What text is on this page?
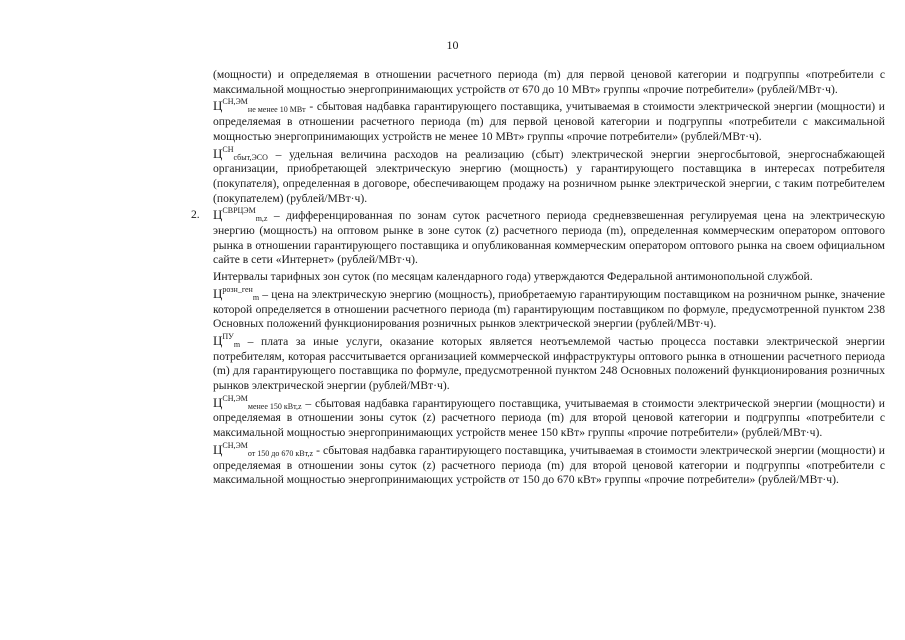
10

(мощности) и определяемая в отношении расчетного периода (m) для первой ценовой категории и подгруппы «потребители с максимальной мощностью энергопринимающих устройств от 670 до 10 МВт» группы «прочие потребители» (рублей/МВт·ч).

$Ц^{СН,ЭМ}_{не менее 10 МВт}$ - сбытовая надбавка гарантирующего поставщика, учитываемая в стоимости электрической энергии (мощности) и определяемая в отношении расчетного периода (m) для первой ценовой категории и подгруппы «потребители с максимальной мощностью энергопринимающих устройств не менее 10 МВт» группы «прочие потребители» (рублей/МВт·ч).

$Ц^{СН}_{сбыт,ЭСО}$ – удельная величина расходов на реализацию (сбыт) электрической энергии энергосбытовой, энергоснабжающей организации, приобретающей электрическую энергию (мощность) у гарантирующего поставщика в интересах потребителя (покупателя), определенная в договоре, обеспечивающем продажу на розничном рынке электрической энергии, с таким потребителем (покупателем) (рублей/МВт·ч).

2. $Ц^{СВРЦЭМ}_{m,z}$ – дифференцированная по зонам суток расчетного периода средневзвешенная регулируемая цена на электрическую энергию (мощность) на оптовом рынке в зоне суток (z) расчетного периода (m), определенная коммерческим оператором оптового рынка в отношении гарантирующего поставщика и опубликованная коммерческим оператором оптового рынка на своем официальном сайте в сети «Интернет» (рублей/МВт·ч).

Интервалы тарифных зон суток (по месяцам календарного года) утверждаются Федеральной антимонопольной службой.

$Ц^{розн\_ген}_m$ – цена на электрическую энергию (мощность), приобретаемую гарантирующим поставщиком на розничном рынке, значение которой определяется в отношении расчетного периода (m) гарантирующим поставщиком по формуле, предусмотренной пунктом 238 Основных положений функционирования розничных рынков электрической энергии (рублей/МВт·ч).

$Ц^{ПУ}_m$ – плата за иные услуги, оказание которых является неотъемлемой частью процесса поставки электрической энергии потребителям, которая рассчитывается организацией коммерческой инфраструктуры оптового рынка в отношении расчетного периода (m) для гарантирующего поставщика по формуле, предусмотренной пунктом 248 Основных положений функционирования розничных рынков электрической энергии (рублей/МВт·ч).

$Ц^{СН,ЭМ}_{менее 150 кВт,z}$ – сбытовая надбавка гарантирующего поставщика, учитываемая в стоимости электрической энергии (мощности) и определяемая в отношении зоны суток (z) расчетного периода (m) для второй ценовой категории и подгруппы «потребители с максимальной мощностью энергопринимающих устройств менее 150 кВт» группы «прочие потребители» (рублей/МВт·ч).

$Ц^{СН,ЭМ}_{от 150 до 670 кВт,z}$ - сбытовая надбавка гарантирующего поставщика, учитываемая в стоимости электрической энергии (мощности) и определяемая в отношении зоны суток (z) расчетного периода (m) для второй ценовой категории и подгруппы «потребители с максимальной мощностью энергопринимающих устройств от 150 до 670 кВт» группы «прочие потребители» (рублей/МВт·ч).
